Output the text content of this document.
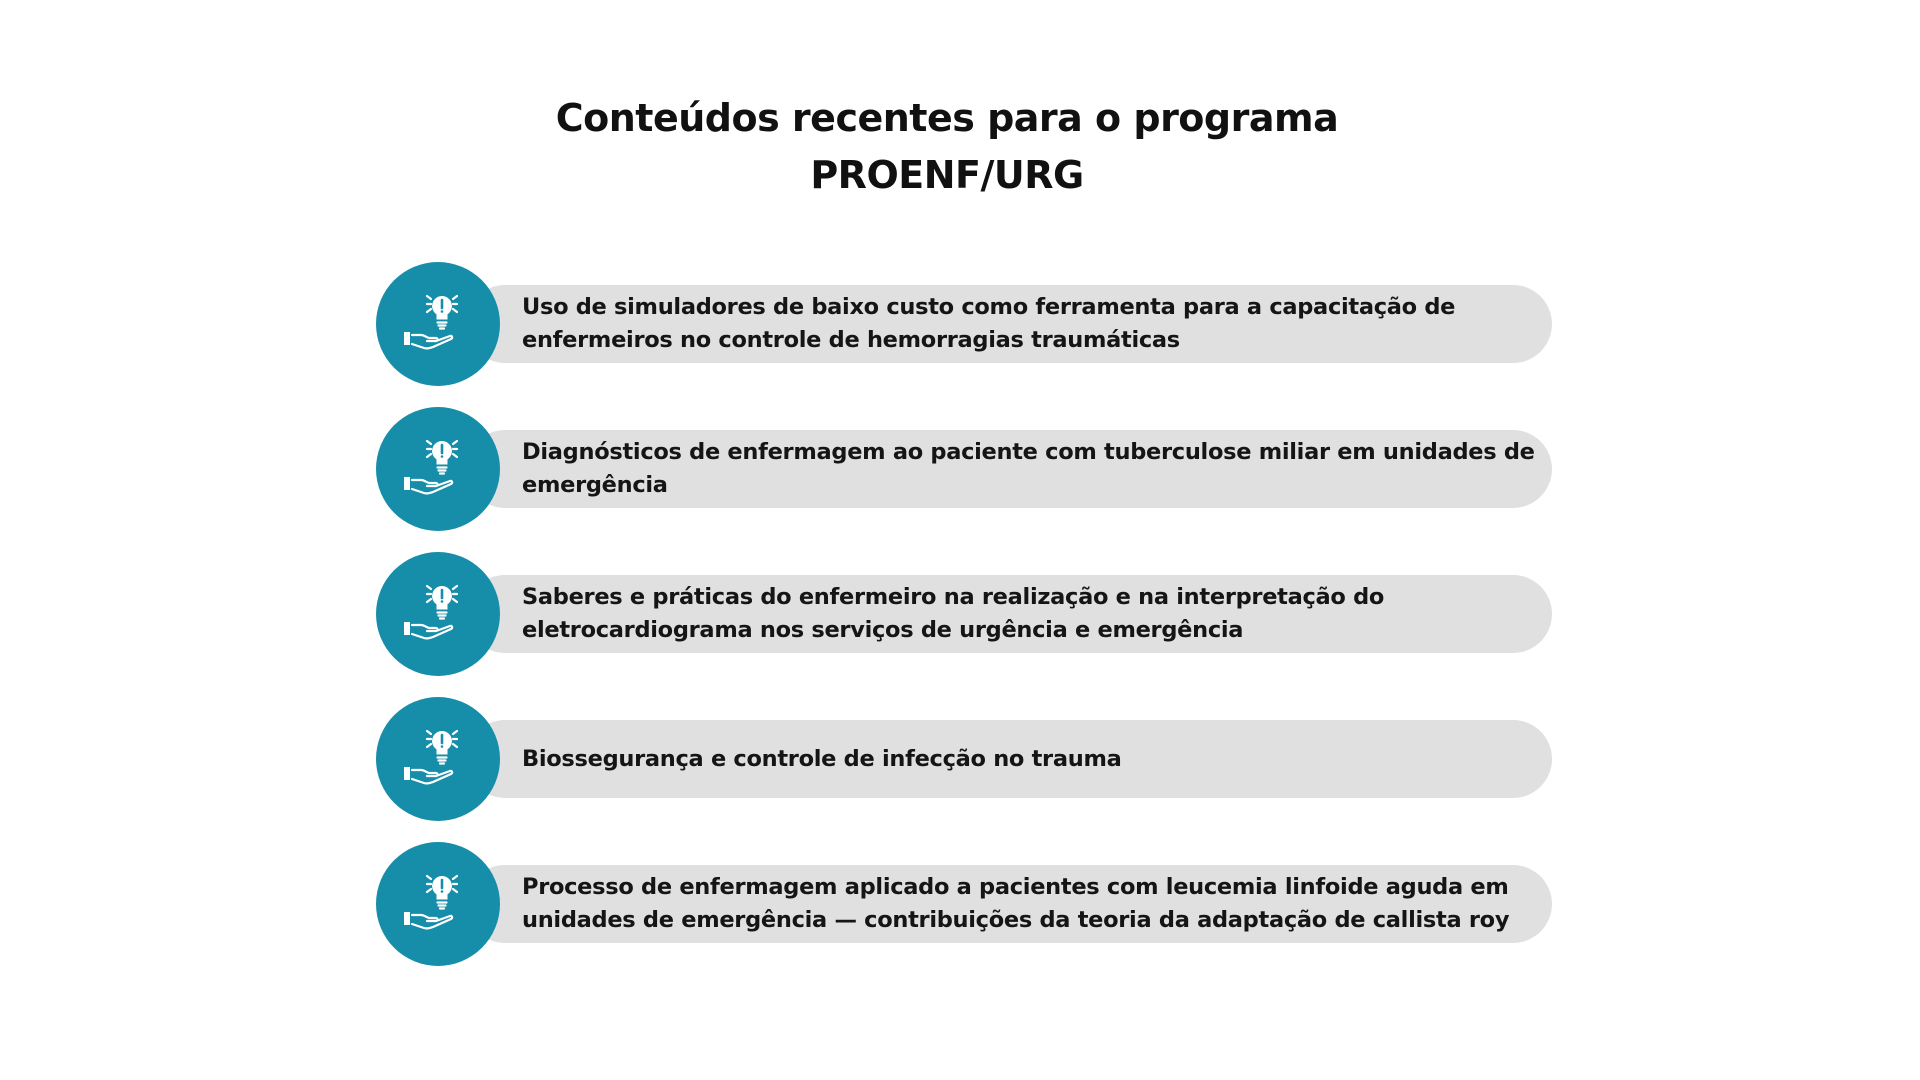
Conteúdos recentes para o programa
PROENF/URG
Uso de simuladores de baixo custo como ferramenta para a capacitação de enfermeiros no controle de hemorragias traumáticas
Diagnósticos de enfermagem ao paciente com tuberculose miliar em unidades de emergência
Saberes e práticas do enfermeiro na realização e na interpretação do eletrocardiograma nos serviços de urgência e emergência
Biossegurança e controle de infecção no trauma
Processo de enfermagem aplicado a pacientes com leucemia linfoide aguda em unidades de emergência — contribuições da teoria da adaptação de callista roy
